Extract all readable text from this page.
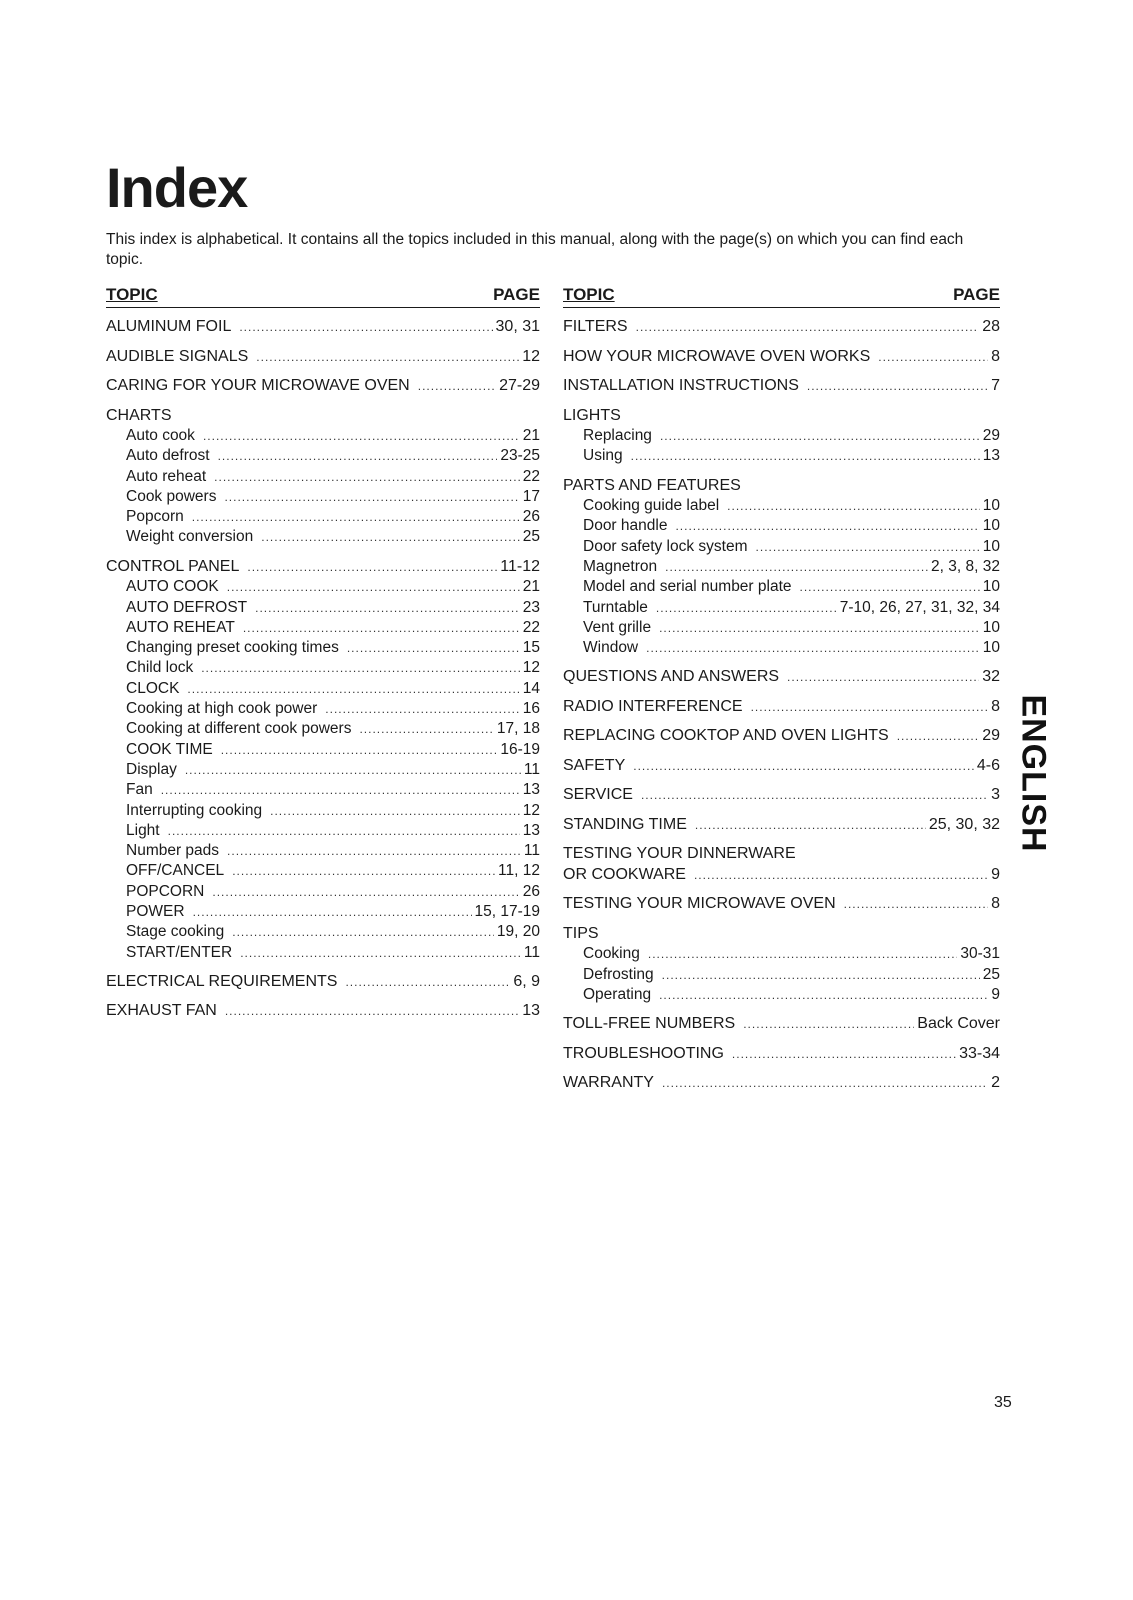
Index
This index is alphabetical. It contains all the topics included in this manual, along with the page(s) on which you can find each topic.
TOPIC	PAGE
ALUMINUM FOIL .....	30, 31
AUDIBLE SIGNALS .....	12
CARING FOR YOUR MICROWAVE OVEN .....	27-29
CHARTS
Auto cook .....	21
Auto defrost .....	23-25
Auto reheat .....	22
Cook powers .....	17
Popcorn .....	26
Weight conversion .....	25
CONTROL PANEL .....	11-12
AUTO COOK .....	21
AUTO DEFROST .....	23
AUTO REHEAT .....	22
Changing preset cooking times .....	15
Child lock .....	12
CLOCK .....	14
Cooking at high cook power .....	16
Cooking at different cook powers .....	17, 18
COOK TIME .....	16-19
Display .....	11
Fan .....	13
Interrupting cooking .....	12
Light .....	13
Number pads .....	11
OFF/CANCEL .....	11, 12
POPCORN .....	26
POWER .....	15, 17-19
Stage cooking .....	19, 20
START/ENTER .....	11
ELECTRICAL REQUIREMENTS .....	6, 9
EXHAUST FAN .....	13
TOPIC	PAGE
FILTERS .....	28
HOW YOUR MICROWAVE OVEN WORKS .....	8
INSTALLATION INSTRUCTIONS .....	7
LIGHTS
Replacing .....	29
Using .....	13
PARTS AND FEATURES
Cooking guide label .....	10
Door handle .....	10
Door safety lock system .....	10
Magnetron .....	2, 3, 8, 32
Model and serial number plate .....	10
Turntable .....	7-10, 26, 27, 31, 32, 34
Vent grille .....	10
Window .....	10
QUESTIONS AND ANSWERS .....	32
RADIO INTERFERENCE .....	8
REPLACING COOKTOP AND OVEN LIGHTS .....	29
SAFETY .....	4-6
SERVICE .....	3
STANDING TIME .....	25, 30, 32
TESTING YOUR DINNERWARE
OR COOKWARE .....	9
TESTING YOUR MICROWAVE OVEN .....	8
TIPS
Cooking .....	30-31
Defrosting .....	25
Operating .....	9
TOLL-FREE NUMBERS .....	Back Cover
TROUBLESHOOTING .....	33-34
WARRANTY .....	2
ENGLISH
35
